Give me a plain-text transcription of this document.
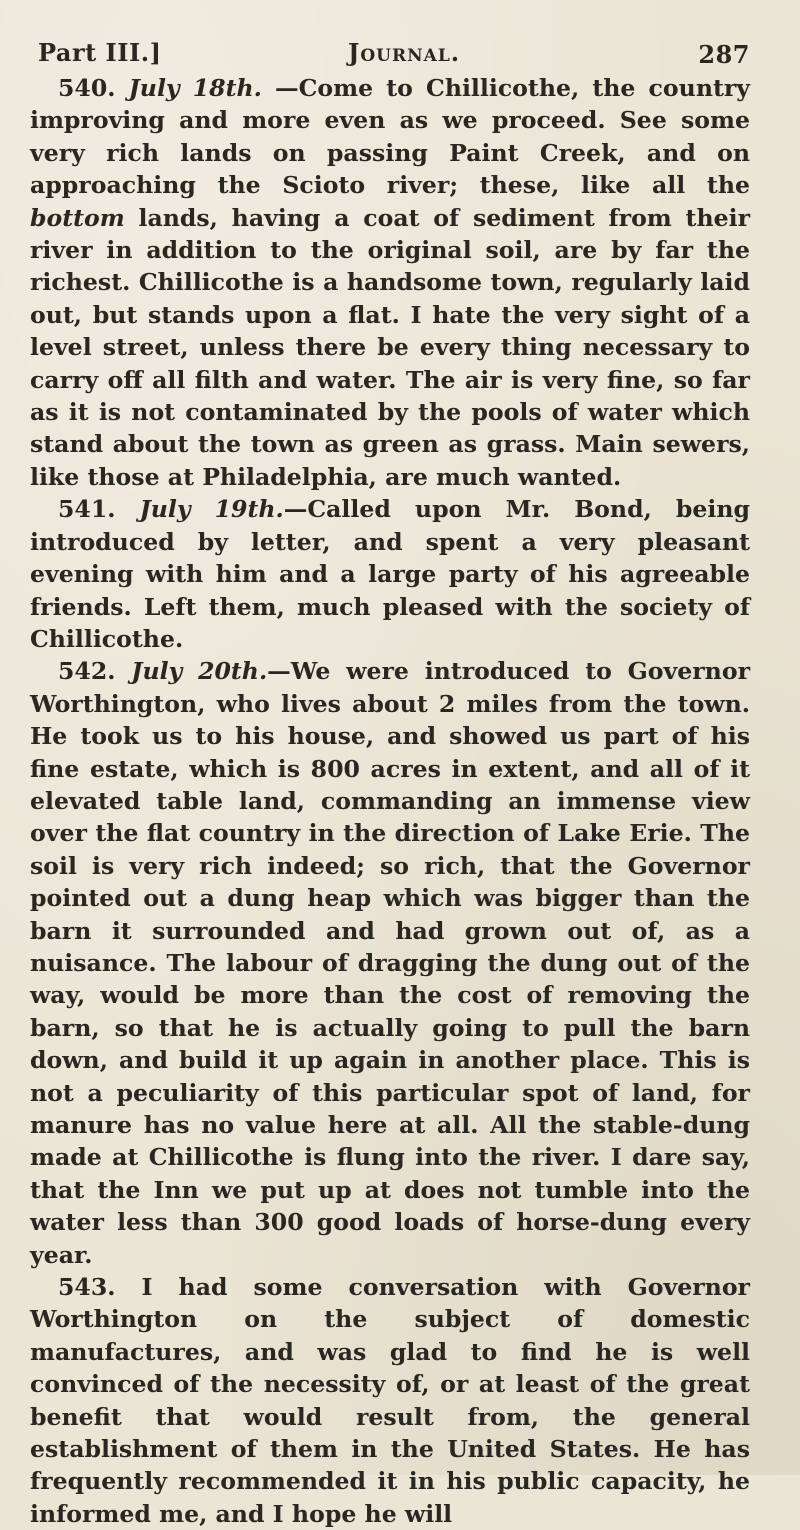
Part III.]	Journal.	287

540. July 18th. —Come to Chillicothe, the country improving and more even as we proceed. See some very rich lands on passing Paint Creek, and on approaching the Scioto river; these, like all the bottom lands, having a coat of sediment from their river in addition to the original soil, are by far the richest. Chillicothe is a handsome town, regularly laid out, but stands upon a flat. I hate the very sight of a level street, unless there be every thing necessary to carry off all filth and water. The air is very fine, so far as it is not contaminated by the pools of water which stand about the town as green as grass. Main sewers, like those at Philadelphia, are much wanted.

541. July 19th.—Called upon Mr. Bond, being introduced by letter, and spent a very pleasant evening with him and a large party of his agreeable friends. Left them, much pleased with the society of Chillicothe.

542. July 20th.—We were introduced to Governor Worthington, who lives about 2 miles from the town. He took us to his house, and showed us part of his fine estate, which is 800 acres in extent, and all of it elevated table land, commanding an immense view over the flat country in the direction of Lake Erie. The soil is very rich indeed; so rich, that the Governor pointed out a dung heap which was bigger than the barn it surrounded and had grown out of, as a nuisance. The labour of dragging the dung out of the way, would be more than the cost of removing the barn, so that he is actually going to pull the barn down, and build it up again in another place. This is not a peculiarity of this particular spot of land, for manure has no value here at all. All the stable-dung made at Chillicothe is flung into the river. I dare say, that the Inn we put up at does not tumble into the water less than 300 good loads of horse-dung every year.

543. I had some conversation with Governor Worthington on the subject of domestic manufactures, and was glad to find he is well convinced of the necessity of, or at least of the great benefit that would result from, the general establishment of them in the United States. He has frequently recommended it in his public capacity, he informed me, and I hope he will
